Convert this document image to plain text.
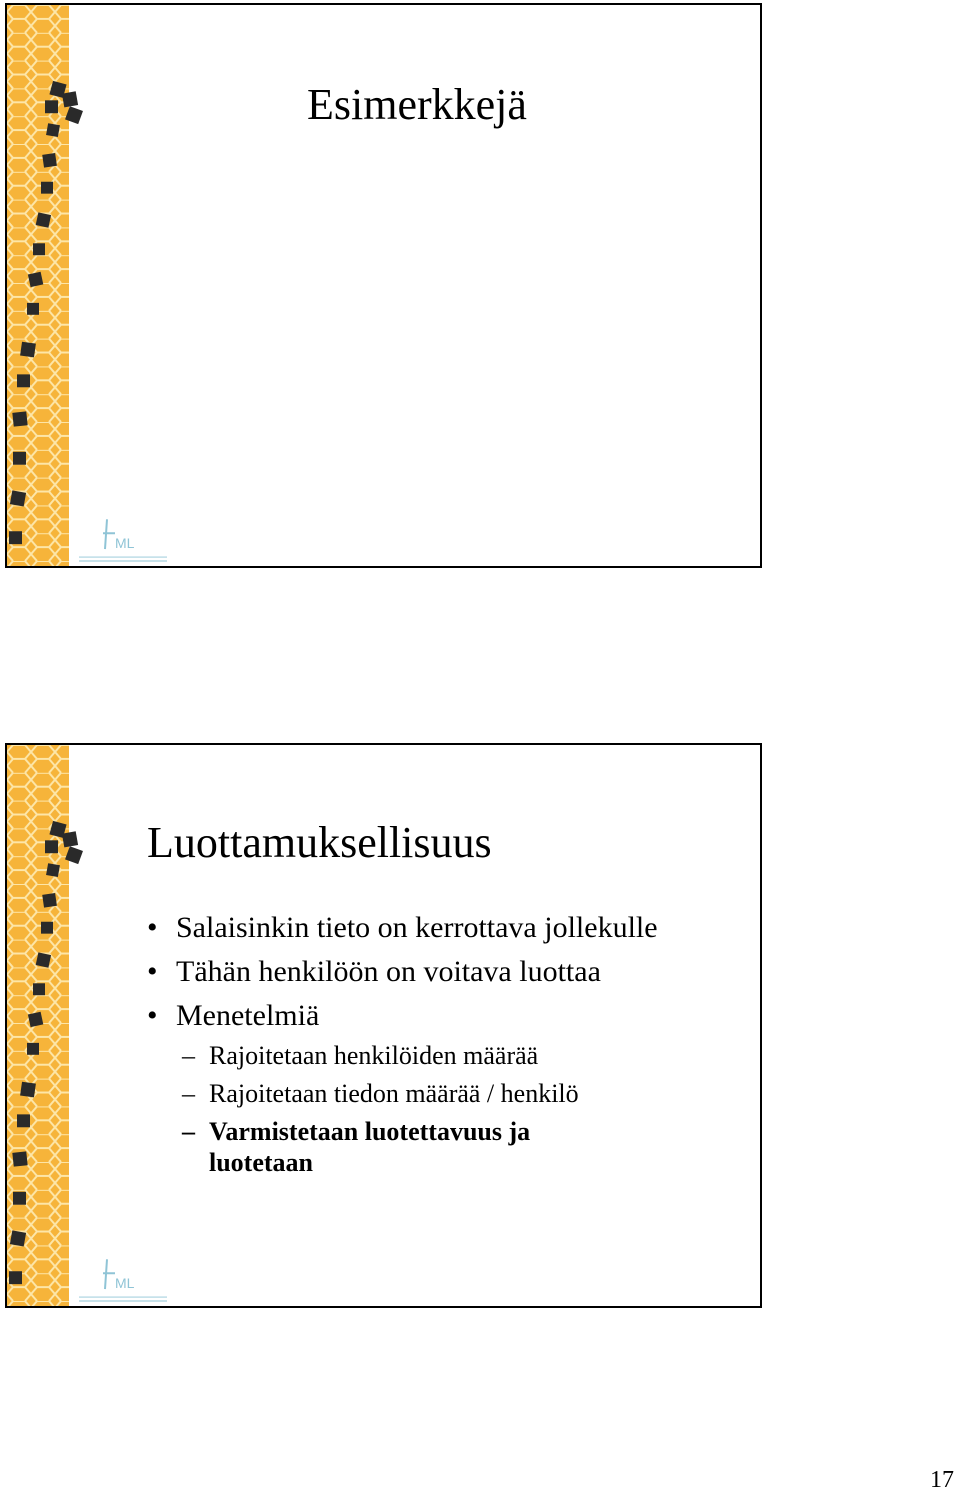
ML
Esimerkkejä
ML
Luottamuksellisuus
• Salaisinkin tieto on kerrottava jollekulle
• Tähän henkilöön on voitava luottaa
• Menetelmiä
– Rajoitetaan henkilöiden määrää
– Rajoitetaan tiedon määrää / henkilö
– Varmistetaan luotettavuus ja luotetaan
17
